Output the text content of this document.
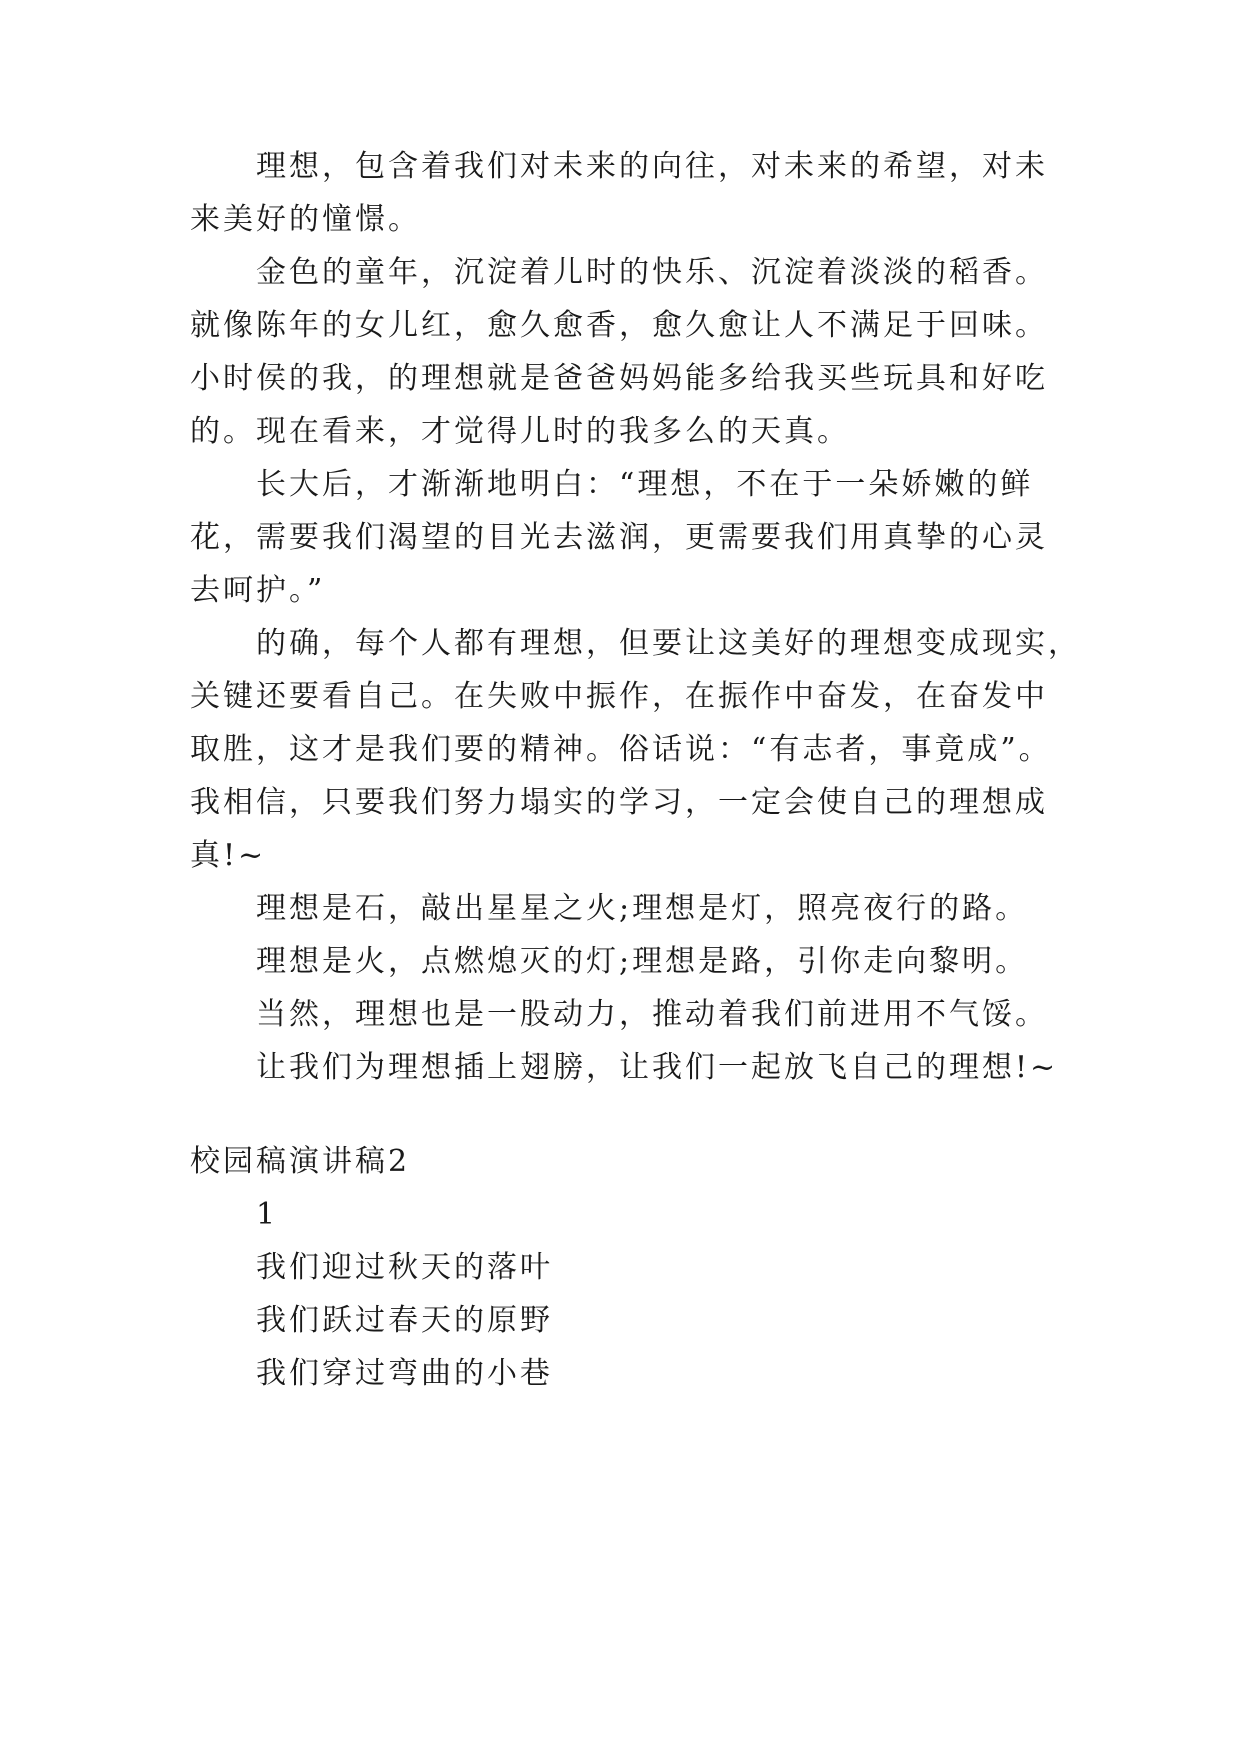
理想，包含着我们对未来的向往，对未来的希望，对未
来美好的憧憬。
金色的童年，沉淀着儿时的快乐、沉淀着淡淡的稻香。
就像陈年的女儿红，愈久愈香，愈久愈让人不满足于回味。
小时侯的我，的理想就是爸爸妈妈能多给我买些玩具和好吃
的。现在看来，才觉得儿时的我多么的天真。
长大后，才渐渐地明白：“理想，不在于一朵娇嫩的鲜
花，需要我们渴望的目光去滋润，更需要我们用真挚的心灵
去呵护。”
的确，每个人都有理想，但要让这美好的理想变成现实，
关键还要看自己。在失败中振作，在振作中奋发，在奋发中
取胜，这才是我们要的精神。俗话说：“有志者，事竟成”。
我相信，只要我们努力塌实的学习，一定会使自己的理想成
真!~
理想是石，敲出星星之火;理想是灯，照亮夜行的路。
理想是火，点燃熄灭的灯;理想是路，引你走向黎明。
当然，理想也是一股动力，推动着我们前进用不气馁。
让我们为理想插上翅膀，让我们一起放飞自己的理想!~
校园稿演讲稿2
1
我们迎过秋天的落叶
我们跃过春天的原野
我们穿过弯曲的小巷
